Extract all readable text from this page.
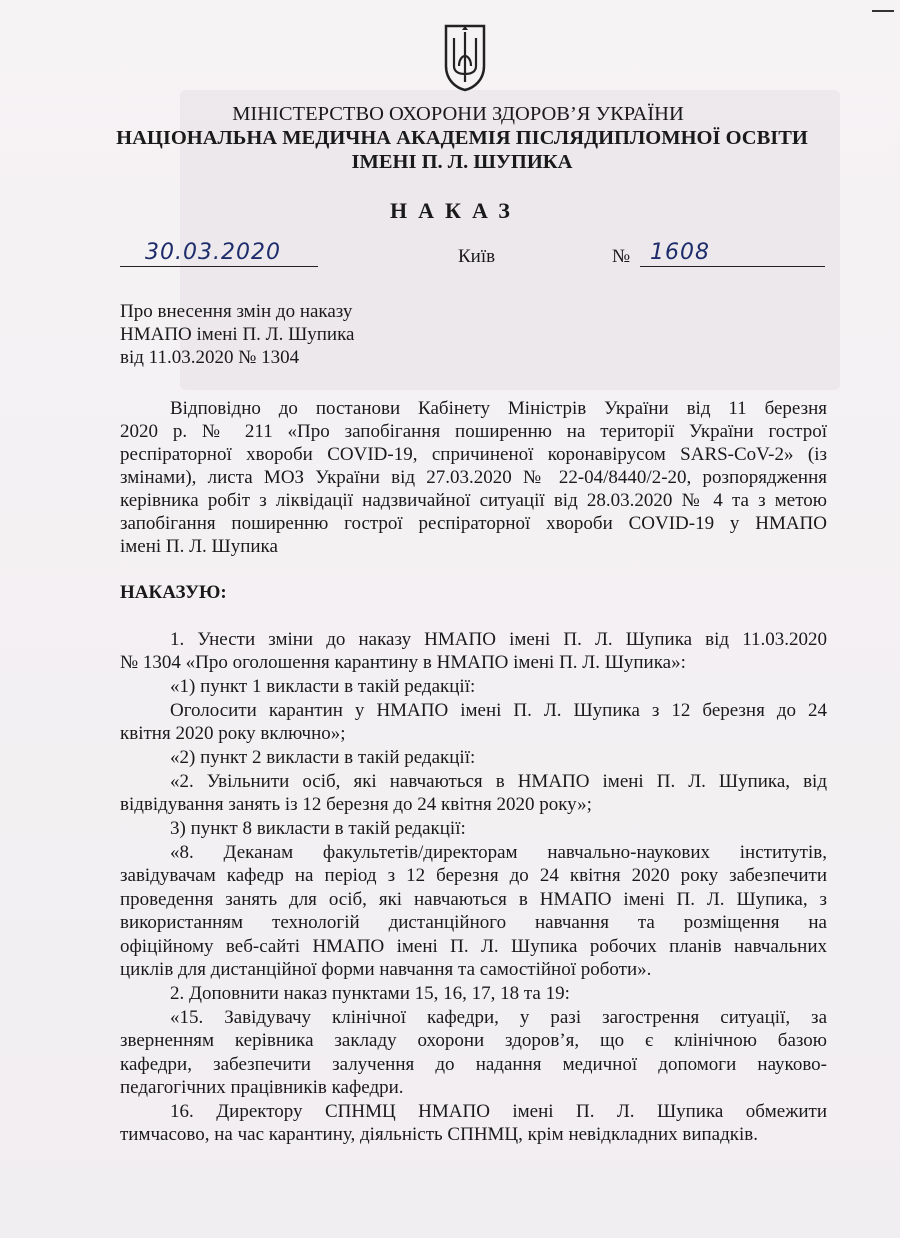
МІНІСТЕРСТВО ОХОРОНИ ЗДОРОВ’Я УКРАЇНИ
НАЦІОНАЛЬНА МЕДИЧНА АКАДЕМІЯ ПІСЛЯДИПЛОМНОЇ ОСВІТИ
ІМЕНІ П. Л. ШУПИКА
НАКАЗ
30.03.2020	Київ	№ 1608
Про внесення змін до наказу
НМАПО імені П. Л. Шупика
від 11.03.2020 № 1304
Відповідно до постанови Кабінету Міністрів України від 11 березня
2020 р. № 211 «Про запобігання поширенню на території України гострої
респіраторної хвороби COVID-19, спричиненої коронавірусом SARS-CoV-2» (із
змінами), листа МОЗ України від 27.03.2020 № 22-04/8440/2-20, розпорядження
керівника робіт з ліквідації надзвичайної ситуації від 28.03.2020 № 4 та з метою
запобігання поширенню гострої респіраторної хвороби COVID-19 у НМАПО
імені П. Л. Шупика
НАКАЗУЮ:
1. Унести зміни до наказу НМАПО імені П. Л. Шупика від 11.03.2020
№ 1304 «Про оголошення карантину в НМАПО імені П. Л. Шупика»:
«1) пункт 1 викласти в такій редакції:
Оголосити карантин у НМАПО імені П. Л. Шупика з 12 березня до 24
квітня 2020 року включно»;
«2) пункт 2 викласти в такій редакції:
«2. Увільнити осіб, які навчаються в НМАПО імені П. Л. Шупика, від
відвідування занять із 12 березня до 24 квітня 2020 року»;
3) пункт 8 викласти в такій редакції:
«8. Деканам факультетів/директорам навчально-наукових інститутів,
завідувачам кафедр на період з 12 березня до 24 квітня 2020 року забезпечити
проведення занять для осіб, які навчаються в НМАПО імені П. Л. Шупика, з
використанням технологій дистанційного навчання та розміщення на
офіційному веб-сайті НМАПО імені П. Л. Шупика робочих планів навчальних
циклів для дистанційної форми навчання та самостійної роботи».
2. Доповнити наказ пунктами 15, 16, 17, 18 та 19:
«15. Завідувачу клінічної кафедри, у разі загострення ситуації, за
зверненням керівника закладу охорони здоров’я, що є клінічною базою
кафедри, забезпечити залучення до надання медичної допомоги науково-
педагогічних працівників кафедри.
16. Директору СПНМЦ НМАПО імені П. Л. Шупика обмежити
тимчасово, на час карантину, діяльність СПНМЦ, крім невідкладних випадків.
